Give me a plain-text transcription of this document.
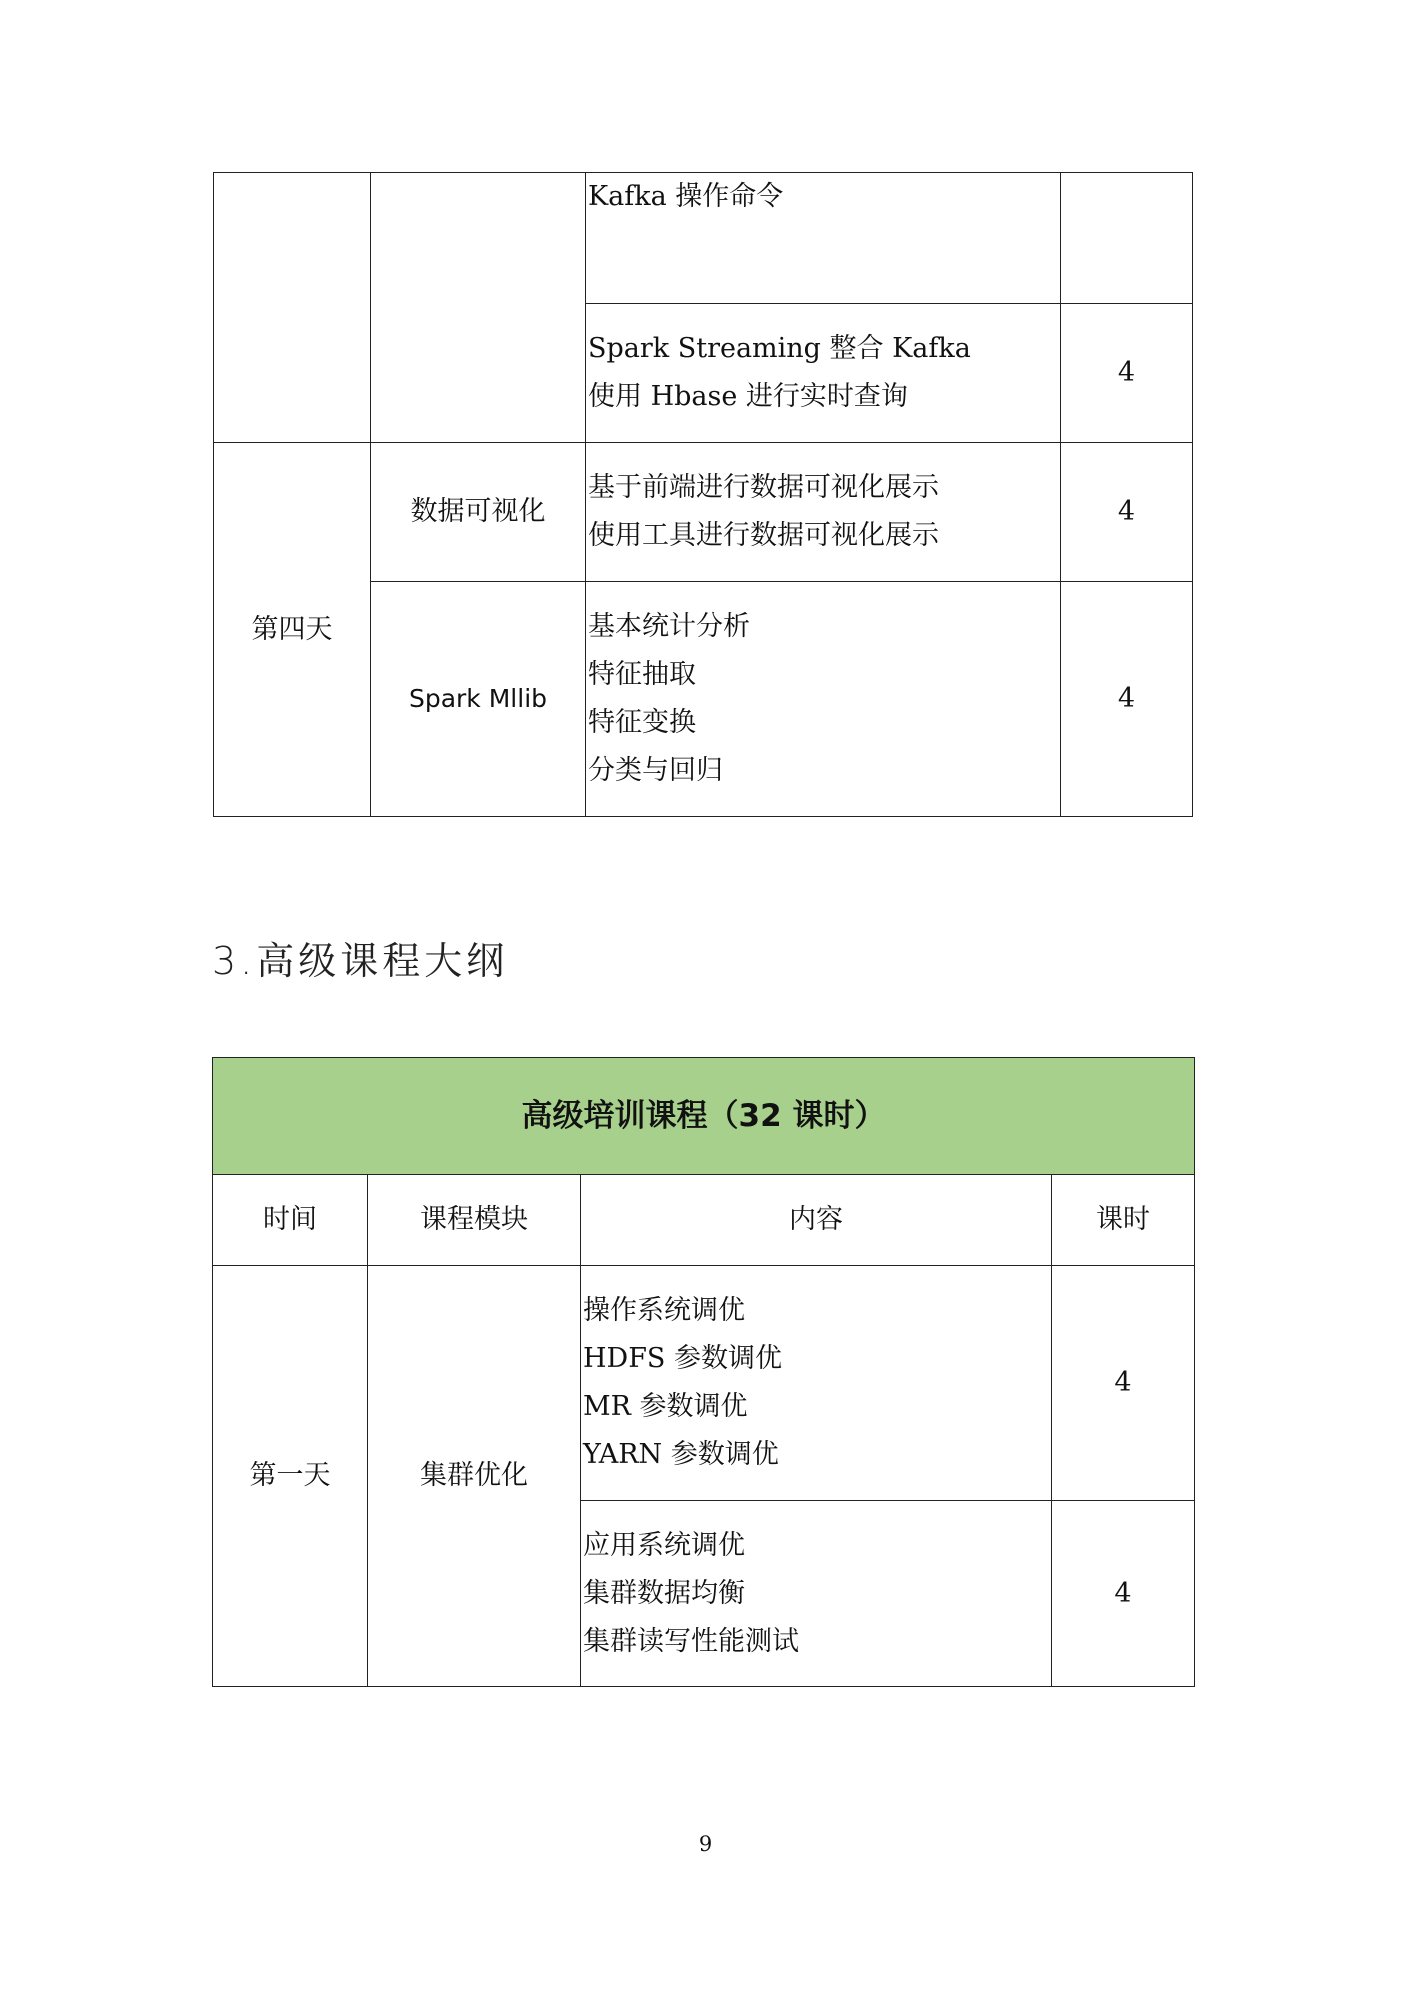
		Kafka 操作命令	

		Spark Streaming 整合 Kafka
使用 Hbase 进行实时查询	4
第四天	数据可视化	基于前端进行数据可视化展示
使用工具进行数据可视化展示	4
	Spark Mllib	基本统计分析
特征抽取
特征变换
分类与回归	4
3.高级课程大纲
高级培训课程（32 课时）			
时间	课程模块	内容	课时
第一天	集群优化	操作系统调优
HDFS 参数调优
MR 参数调优
YARN 参数调优	4

		应用系统调优
集群数据均衡
集群读写性能测试	4
9
